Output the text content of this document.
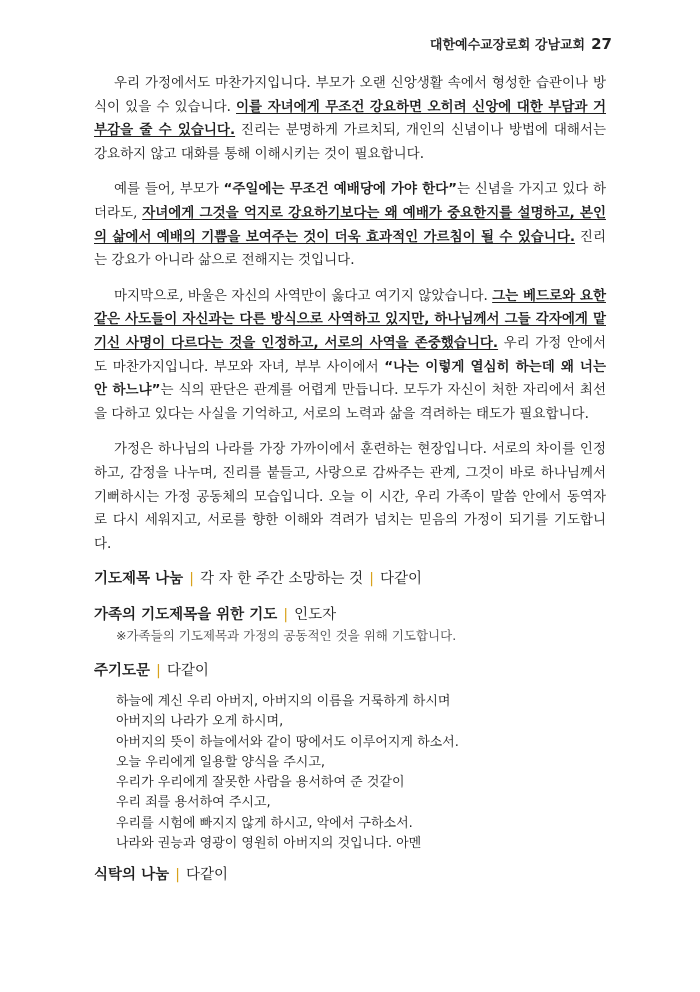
대한예수교장로회 강남교회 27

우리 가정에서도 마찬가지입니다. 부모가 오랜 신앙생활 속에서 형성한 습관이나 방식이 있을 수 있습니다. 이를 자녀에게 무조건 강요하면 오히려 신앙에 대한 부담과 거부감을 줄 수 있습니다. 진리는 분명하게 가르치되, 개인의 신념이나 방법에 대해서는 강요하지 않고 대화를 통해 이해시키는 것이 필요합니다.

예를 들어, 부모가 “주일에는 무조건 예배당에 가야 한다”는 신념을 가지고 있다 하더라도, 자녀에게 그것을 억지로 강요하기보다는 왜 예배가 중요한지를 설명하고, 본인의 삶에서 예배의 기쁨을 보여주는 것이 더욱 효과적인 가르침이 될 수 있습니다. 진리는 강요가 아니라 삶으로 전해지는 것입니다.

마지막으로, 바울은 자신의 사역만이 옳다고 여기지 않았습니다. 그는 베드로와 요한 같은 사도들이 자신과는 다른 방식으로 사역하고 있지만, 하나님께서 그들 각자에게 맡기신 사명이 다르다는 것을 인정하고, 서로의 사역을 존중했습니다. 우리 가정 안에서도 마찬가지입니다. 부모와 자녀, 부부 사이에서 “나는 이렇게 열심히 하는데 왜 너는 안 하느냐”는 식의 판단은 관계를 어렵게 만듭니다. 모두가 자신이 처한 자리에서 최선을 다하고 있다는 사실을 기억하고, 서로의 노력과 삶을 격려하는 태도가 필요합니다.

가정은 하나님의 나라를 가장 가까이에서 훈련하는 현장입니다. 서로의 차이를 인정하고, 감정을 나누며, 진리를 붙들고, 사랑으로 감싸주는 관계, 그것이 바로 하나님께서 기뻐하시는 가정 공동체의 모습입니다. 오늘 이 시간, 우리 가족이 말씀 안에서 동역자로 다시 세워지고, 서로를 향한 이해와 격려가 넘치는 믿음의 가정이 되기를 기도합니다.

기도제목 나눔 | 각 자 한 주간 소망하는 것 | 다같이
가족의 기도제목을 위한 기도 | 인도자
※가족들의 기도제목과 가정의 공동적인 것을 위해 기도합니다.
주기도문 | 다같이
하늘에 계신 우리 아버지, 아버지의 이름을 거룩하게 하시며
아버지의 나라가 오게 하시며,
아버지의 뜻이 하늘에서와 같이 땅에서도 이루어지게 하소서.
오늘 우리에게 일용할 양식을 주시고,
우리가 우리에게 잘못한 사람을 용서하여 준 것같이
우리 죄를 용서하여 주시고,
우리를 시험에 빠지지 않게 하시고, 악에서 구하소서.
나라와 권능과 영광이 영원히 아버지의 것입니다. 아멘
식탁의 나눔 | 다같이
